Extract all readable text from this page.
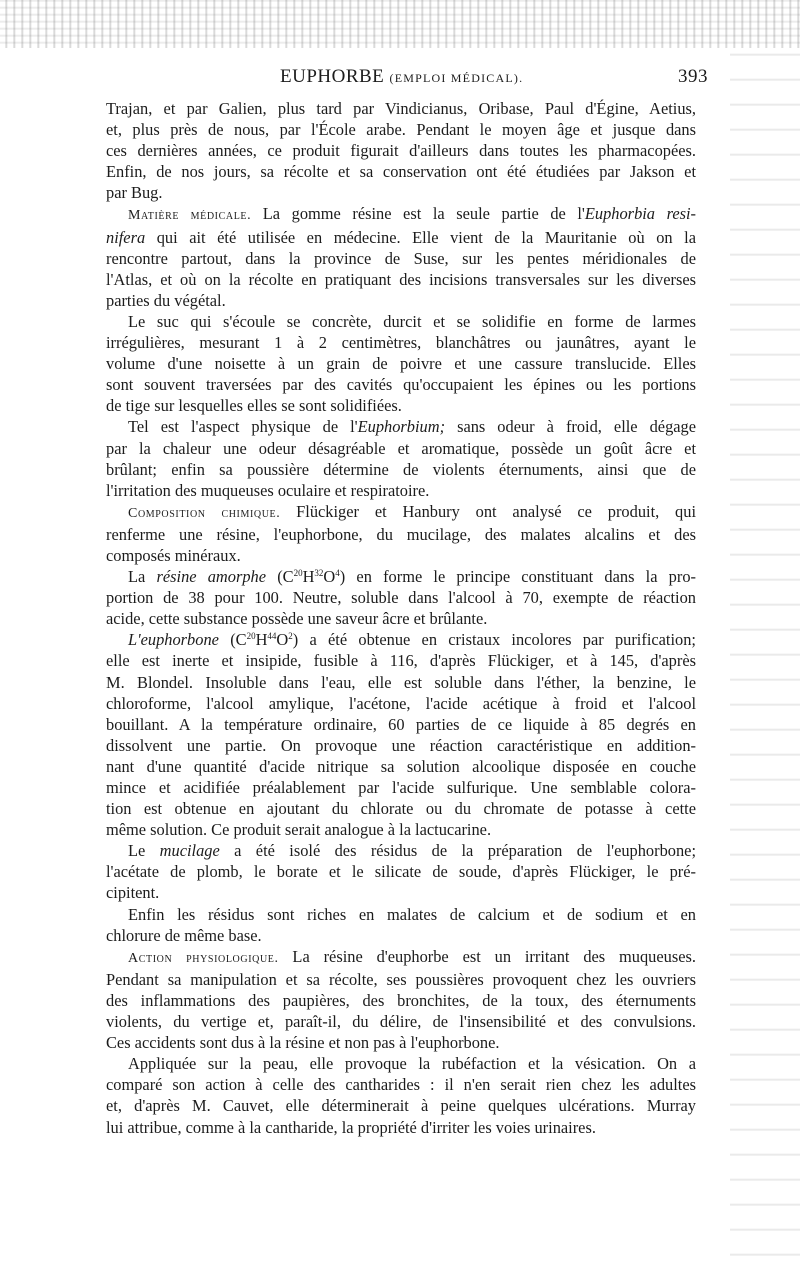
EUPHORBE (EMPLOI MÉDICAL).	393

Trajan, et par Galien, plus tard par Vindicianus, Oribase, Paul d'Égine, Aetius,

et, plus près de nous, par l'École arabe. Pendant le moyen âge et jusque dans

ces dernières années, ce produit figurait d'ailleurs dans toutes les pharmacopées.

Enfin, de nos jours, sa récolte et sa conservation ont été étudiées par Jakson et

par Bug.

Matière médicale. La gomme résine est la seule partie de l'Euphorbia resi-

nifera qui ait été utilisée en médecine. Elle vient de la Mauritanie où on la

rencontre partout, dans la province de Suse, sur les pentes méridionales de

l'Atlas, et où on la récolte en pratiquant des incisions transversales sur les diverses

parties du végétal.

Le suc qui s'écoule se concrète, durcit et se solidifie en forme de larmes

irrégulières, mesurant 1 à 2 centimètres, blanchâtres ou jaunâtres, ayant le

volume d'une noisette à un grain de poivre et une cassure translucide. Elles

sont souvent traversées par des cavités qu'occupaient les épines ou les portions

de tige sur lesquelles elles se sont solidifiées.

Tel est l'aspect physique de l'Euphorbium; sans odeur à froid, elle dégage

par la chaleur une odeur désagréable et aromatique, possède un goût âcre et

brûlant; enfin sa poussière détermine de violents éternuments, ainsi que de

l'irritation des muqueuses oculaire et respiratoire.

Composition chimique. Flückiger et Hanbury ont analysé ce produit, qui

renferme une résine, l'euphorbone, du mucilage, des malates alcalins et des

composés minéraux.

La résine amorphe $(C^{20}H^{32}O^4)$ en forme le principe constituant dans la pro-

portion de 38 pour 100. Neutre, soluble dans l'alcool à 70, exempte de réaction

acide, cette substance possède une saveur âcre et brûlante.

L'euphorbone $(C^{20}H^{44}O^2)$ a été obtenue en cristaux incolores par purification;

elle est inerte et insipide, fusible à 116, d'après Flückiger, et à 145, d'après

M. Blondel. Insoluble dans l'eau, elle est soluble dans l'éther, la benzine, le

chloroforme, l'alcool amylique, l'acétone, l'acide acétique à froid et l'alcool

bouillant. A la température ordinaire, 60 parties de ce liquide à 85 degrés en

dissolvent une partie. On provoque une réaction caractéristique en addition-

nant d'une quantité d'acide nitrique sa solution alcoolique disposée en couche

mince et acidifiée préalablement par l'acide sulfurique. Une semblable colora-

tion est obtenue en ajoutant du chlorate ou du chromate de potasse à cette

même solution. Ce produit serait analogue à la lactucarine.

Le mucilage a été isolé des résidus de la préparation de l'euphorbone;

l'acétate de plomb, le borate et le silicate de soude, d'après Flückiger, le pré-

cipitent.

Enfin les résidus sont riches en malates de calcium et de sodium et en

chlorure de même base.

Action physiologique. La résine d'euphorbe est un irritant des muqueuses.

Pendant sa manipulation et sa récolte, ses poussières provoquent chez les ouvriers

des inflammations des paupières, des bronchites, de la toux, des éternuments

violents, du vertige et, paraît-il, du délire, de l'insensibilité et des convulsions.

Ces accidents sont dus à la résine et non pas à l'euphorbone.

Appliquée sur la peau, elle provoque la rubéfaction et la vésication. On a

comparé son action à celle des cantharides : il n'en serait rien chez les adultes

et, d'après M. Cauvet, elle déterminerait à peine quelques ulcérations. Murray

lui attribue, comme à la cantharide, la propriété d'irriter les voies urinaires.
